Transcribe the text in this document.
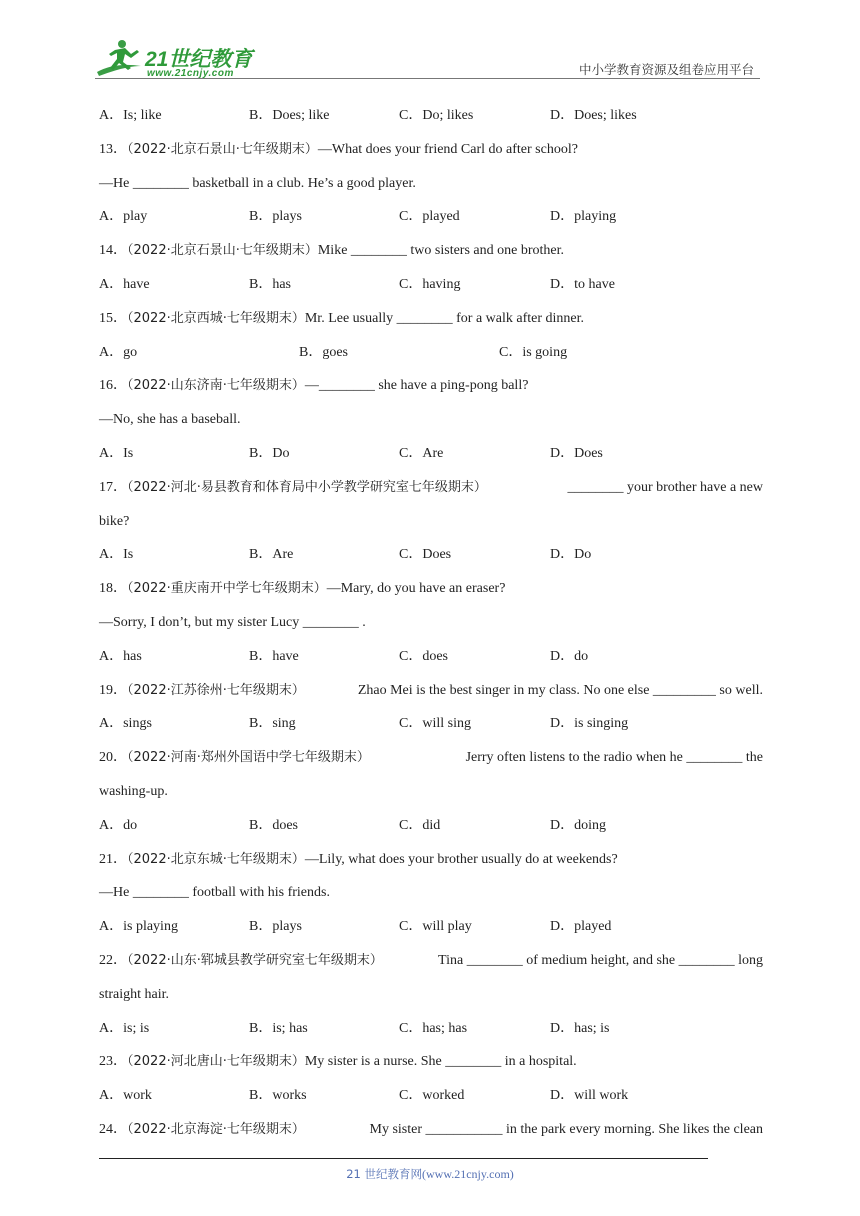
21世纪教育
www.21cnjy.com	中小学教育资源及组卷应用平台
A．Is; like	B．Does; like	C．Do; likes	D．Does; likes
13．（2022·北京石景山·七年级期末）—What does your friend Carl do after school?
—He ________ basketball in a club. He’s a good player.
A．play	B．plays	C．played	D．playing
14．（2022·北京石景山·七年级期末）Mike ________ two sisters and one brother.
A．have	B．has	C．having	D．to have
15．（2022·北京西城·七年级期末）Mr. Lee usually ________ for a walk after dinner.
A．go	B．goes	C．is going
16．（2022·山东济南·七年级期末）—________ she have a ping-pong ball?
—No, she has a baseball.
A．Is	B．Do	C．Are	D．Does
17．（2022·河北·易县教育和体育局中小学教学研究室七年级期末）	________ your brother have a new
bike?
A．Is	B．Are	C．Does	D．Do
18．（2022·重庆南开中学七年级期末）—Mary, do you have an eraser?
—Sorry, I don’t, but my sister Lucy ________ .
A．has	B．have	C．does	D．do
19．（2022·江苏徐州·七年级期末）	Zhao Mei is the best singer in my class. No one else _________ so well.
A．sings	B．sing	C．will sing	D．is singing
20．（2022·河南·郑州外国语中学七年级期末）	Jerry often listens to the radio when he ________ the
washing-up.
A．do	B．does	C．did	D．doing
21．（2022·北京东城·七年级期末）—Lily, what does your brother usually do at weekends?
—He ________ football with his friends.
A．is playing	B．plays	C．will play	D．played
22．（2022·山东·郓城县教学研究室七年级期末）	Tina ________ of medium height, and she ________ long
straight hair.
A．is; is	B．is; has	C．has; has	D．has; is
23．（2022·河北唐山·七年级期末）My sister is a nurse. She ________ in a hospital.
A．work	B．works	C．worked	D．will work
24．（2022·北京海淀·七年级期末）	My sister ___________ in the park every morning. She likes the clean
21 世纪教育网(www.21cnjy.com)
